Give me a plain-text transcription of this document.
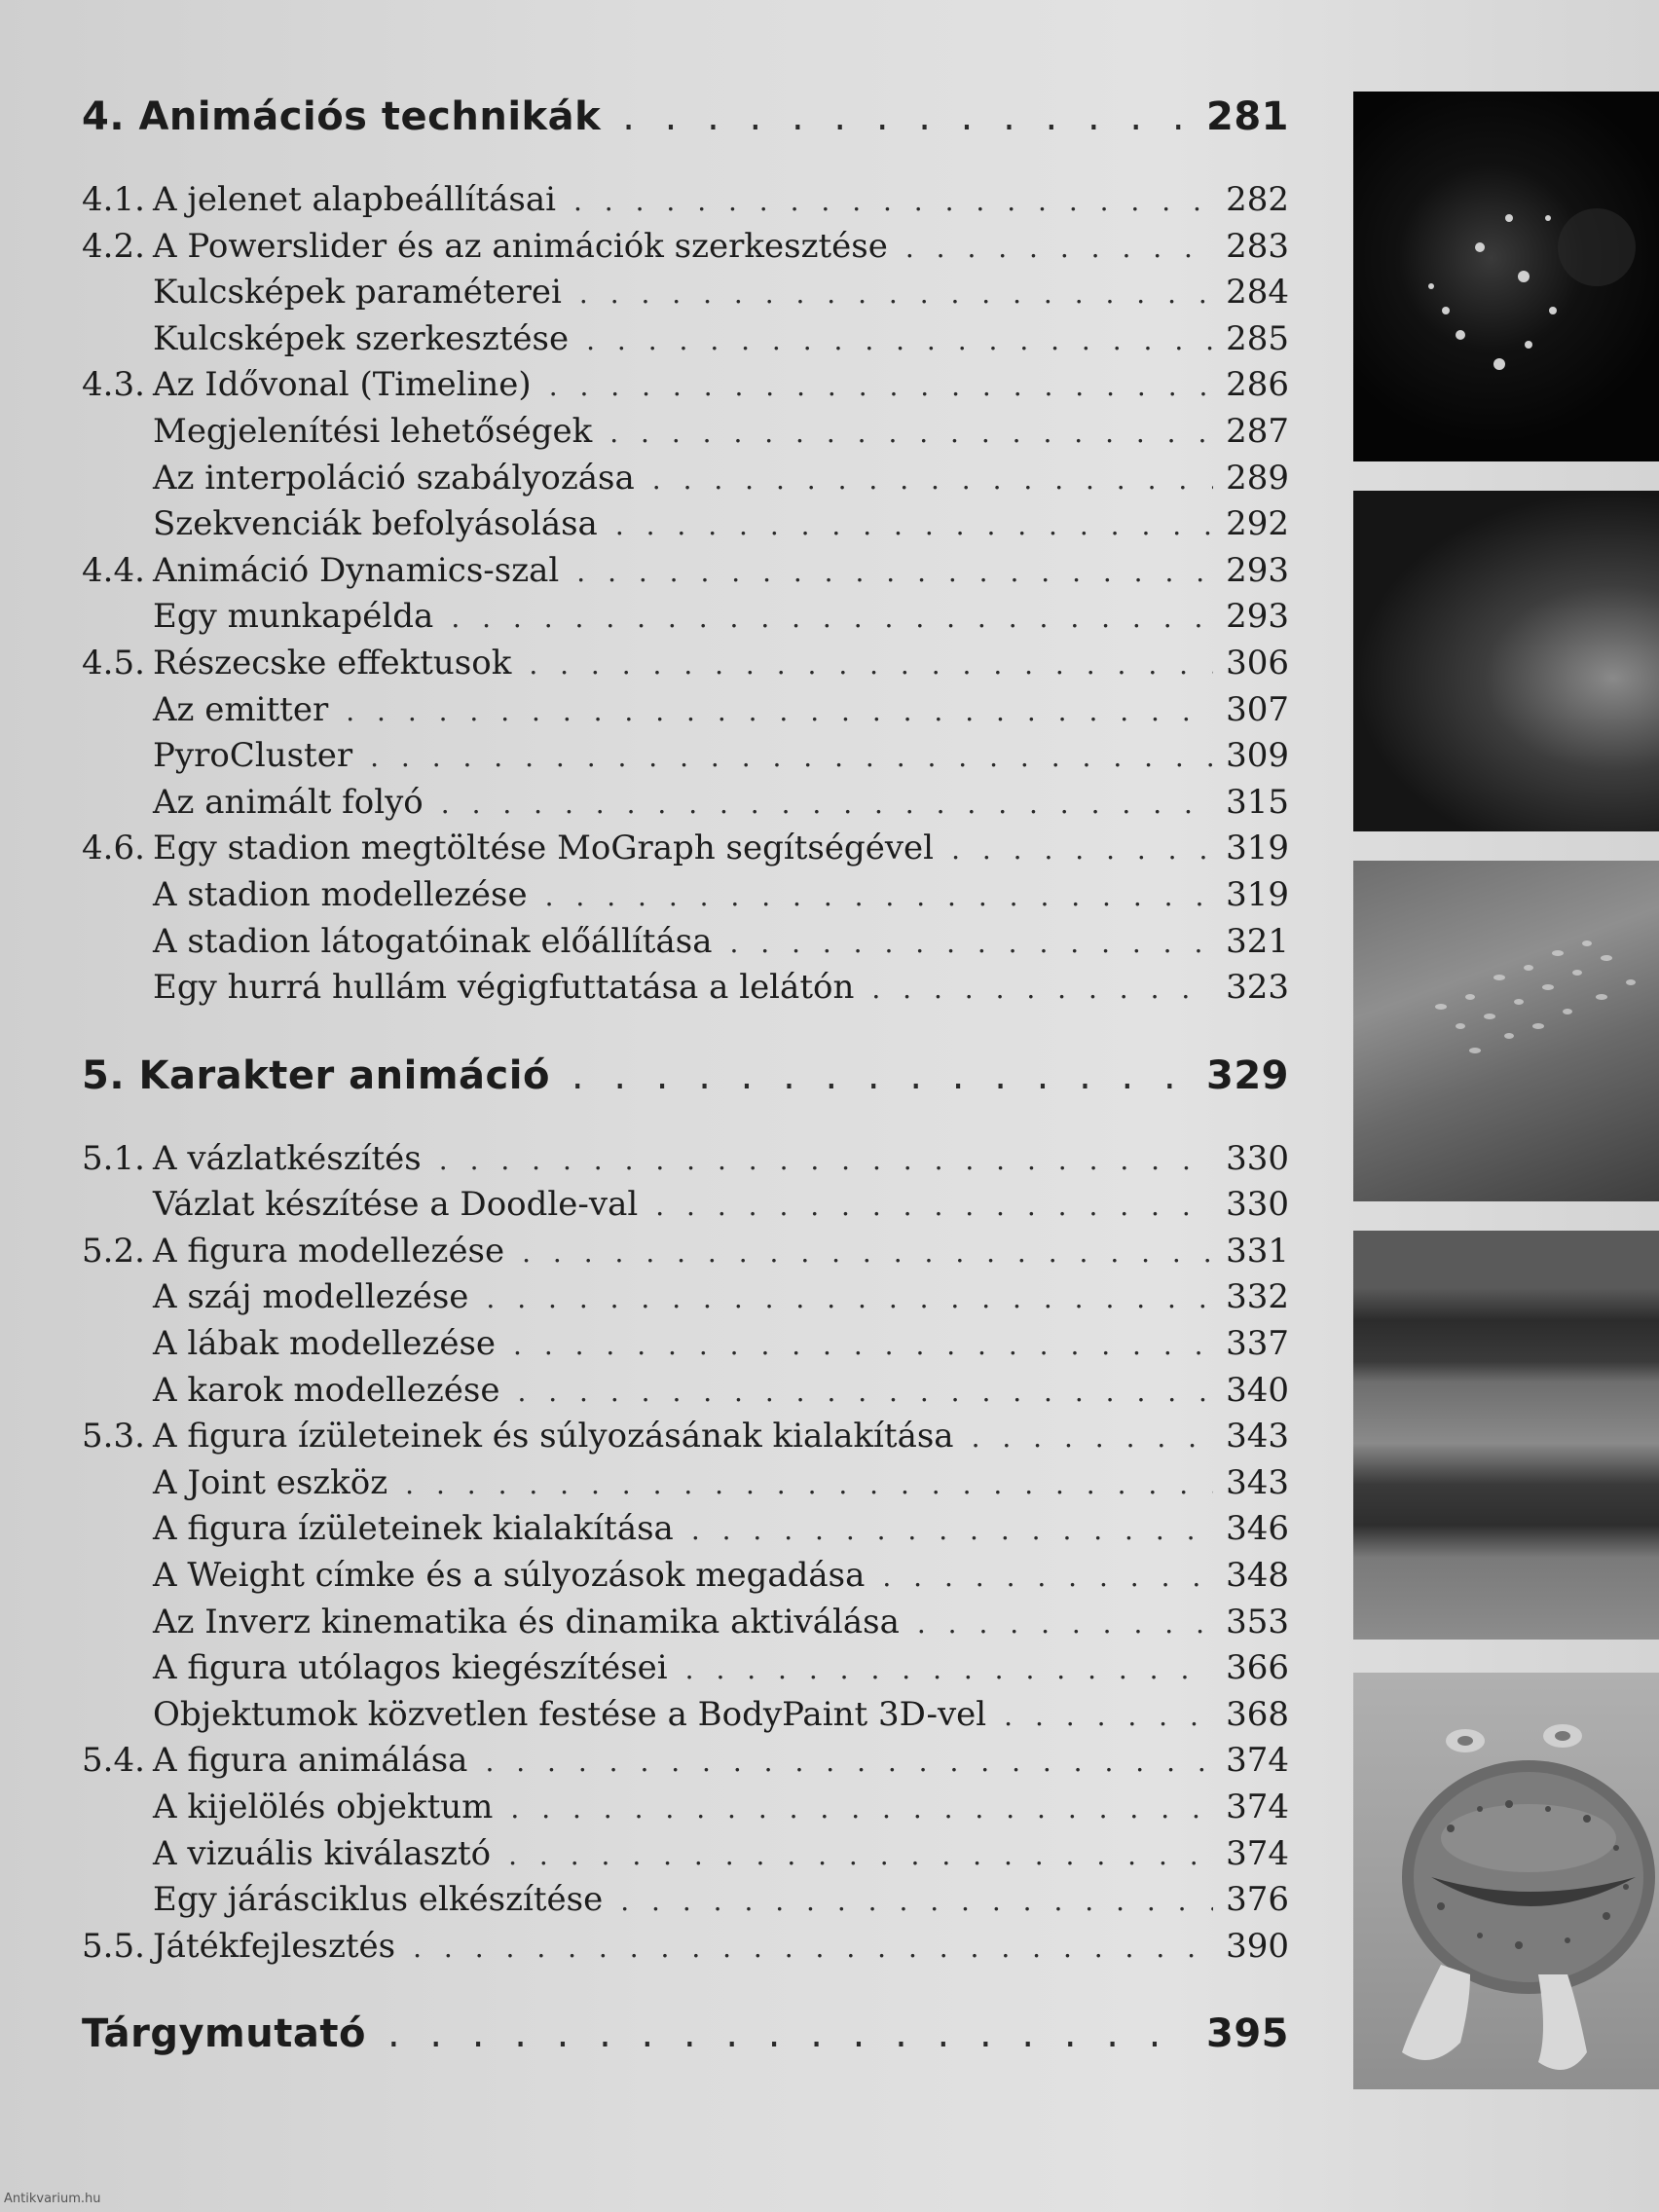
4. Animációs technikák . . .	281
4.1. A jelenet alapbeállításai . . .	282
4.2. A Powerslider és az animációk szerkesztése . . .	283
Kulcsképek paraméterei . . .	284
Kulcsképek szerkesztése . . .	285
4.3. Az Idővonal (Timeline) . . .	286
Megjelenítési lehetőségek . . .	287
Az interpoláció szabályozása . . .	289
Szekvenciák befolyásolása . . .	292
4.4. Animáció Dynamics-szal . . .	293
Egy munkapélda . . .	293
4.5. Részecske effektusok . . .	306
Az emitter . . .	307
PyroCluster . . .	309
Az animált folyó . . .	315
4.6. Egy stadion megtöltése MoGraph segítségével . . .	319
A stadion modellezése . . .	319
A stadion látogatóinak előállítása . . .	321
Egy hurrá hullám végigfuttatása a lelátón . . .	323
5. Karakter animáció . . .	329
5.1. A vázlatkészítés . . .	330
Vázlat készítése a Doodle-val . . .	330
5.2. A figura modellezése . . .	331
A száj modellezése . . .	332
A lábak modellezése . . .	337
A karok modellezése . . .	340
5.3. A figura ízületeinek és súlyozásának kialakítása . . .	343
A Joint eszköz . . .	343
A figura ízületeinek kialakítása . . .	346
A Weight címke és a súlyozások megadása . . .	348
Az Inverz kinematika és dinamika aktiválása . . .	353
A figura utólagos kiegészítései . . .	366
Objektumok közvetlen festése a BodyPaint 3D-vel . . .	368
5.4. A figura animálása . . .	374
A kijelölés objektum . . .	374
A vizuális kiválasztó . . .	374
Egy járásciklus elkészítése . . .	376
5.5. Játékfejlesztés . . .	390
Tárgymutató . . .	395
Antikvarium.hu
